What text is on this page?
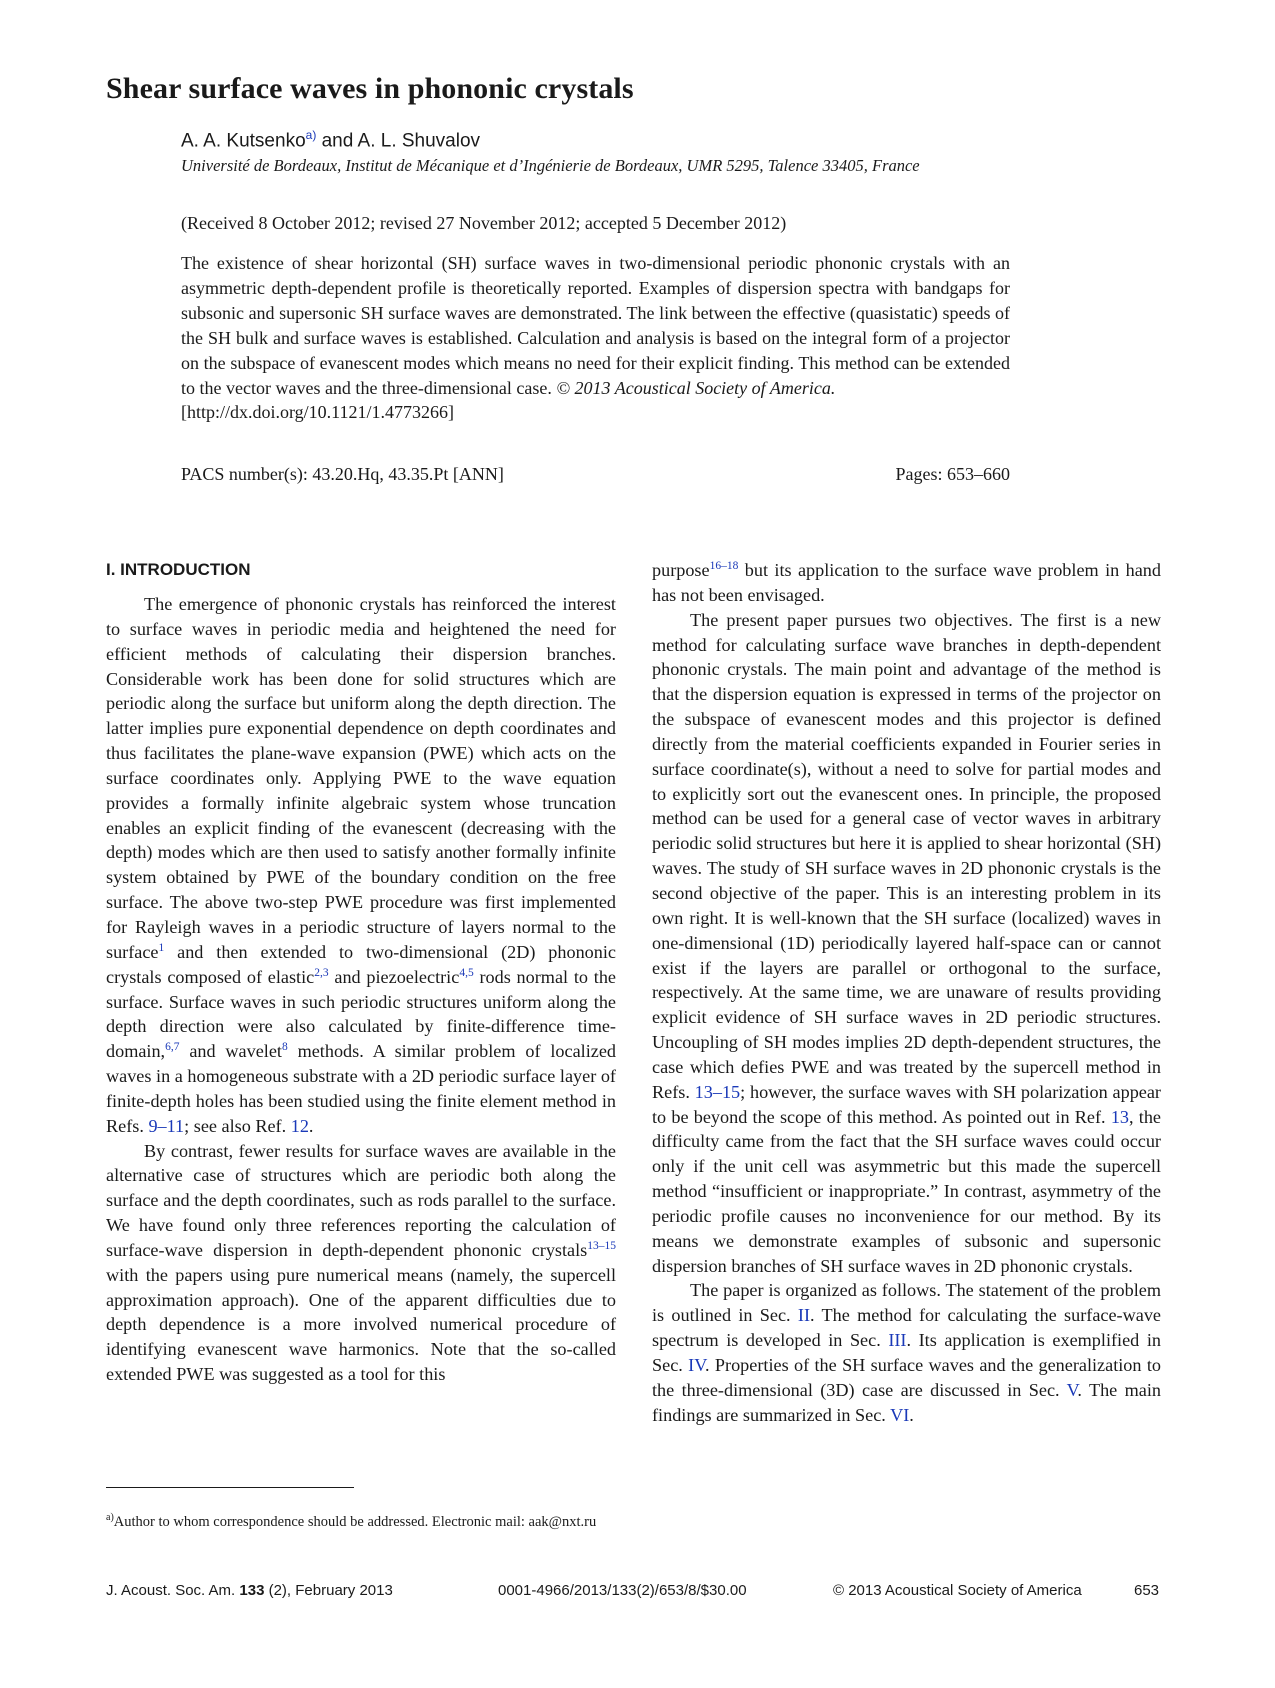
Shear surface waves in phononic crystals
A. A. Kutsenko$^{a)}$ and A. L. Shuvalov
Université de Bordeaux, Institut de Mécanique et d’Ingénierie de Bordeaux, UMR 5295, Talence 33405, France
(Received 8 October 2012; revised 27 November 2012; accepted 5 December 2012)

The existence of shear horizontal (SH) surface waves in two-dimensional periodic phononic crystals with an asymmetric depth-dependent profile is theoretically reported. Examples of dispersion spectra with bandgaps for subsonic and supersonic SH surface waves are demonstrated. The link between the effective (quasistatic) speeds of the SH bulk and surface waves is established. Calculation and analysis is based on the integral form of a projector on the subspace of evanescent modes which means no need for their explicit finding. This method can be extended to the vector waves and the three-dimensional case. © 2013 Acoustical Society of America.
[http://dx.doi.org/10.1121/1.4773266]

PACS number(s): 43.20.Hq, 43.35.Pt [ANN]	Pages: 653–660
I. INTRODUCTION

The emergence of phononic crystals has reinforced the interest to surface waves in periodic media and heightened the need for efficient methods of calculating their dispersion branches. Considerable work has been done for solid structures which are periodic along the surface but uniform along the depth direction. The latter implies pure exponential dependence on depth coordinates and thus facilitates the plane-wave expansion (PWE) which acts on the surface coordinates only. Applying PWE to the wave equation provides a formally infinite algebraic system whose truncation enables an explicit finding of the evanescent (decreasing with the depth) modes which are then used to satisfy another formally infinite system obtained by PWE of the boundary condition on the free surface. The above two-step PWE procedure was first implemented for Rayleigh waves in a periodic structure of layers normal to the surface$^1$ and then extended to two-dimensional (2D) phononic crystals composed of elastic$^{2,3}$ and piezoelectric$^{4,5}$ rods normal to the surface. Surface waves in such periodic structures uniform along the depth direction were also calculated by finite-difference time-domain,$^{6,7}$ and wavelet$^8$ methods. A similar problem of localized waves in a homogeneous substrate with a 2D periodic surface layer of finite-depth holes has been studied using the finite element method in Refs. 9–11; see also Ref. 12.

By contrast, fewer results for surface waves are available in the alternative case of structures which are periodic both along the surface and the depth coordinates, such as rods parallel to the surface. We have found only three references reporting the calculation of surface-wave dispersion in depth-dependent phononic crystals$^{13-15}$ with the papers using pure numerical means (namely, the supercell approximation approach). One of the apparent difficulties due to depth dependence is a more involved numerical procedure of identifying evanescent wave harmonics. Note that the so-called extended PWE was suggested as a tool for this

purpose$^{16-18}$ but its application to the surface wave problem in hand has not been envisaged.

The present paper pursues two objectives. The first is a new method for calculating surface wave branches in depth-dependent phononic crystals. The main point and advantage of the method is that the dispersion equation is expressed in terms of the projector on the subspace of evanescent modes and this projector is defined directly from the material coefficients expanded in Fourier series in surface coordinate(s), without a need to solve for partial modes and to explicitly sort out the evanescent ones. In principle, the proposed method can be used for a general case of vector waves in arbitrary periodic solid structures but here it is applied to shear horizontal (SH) waves. The study of SH surface waves in 2D phononic crystals is the second objective of the paper. This is an interesting problem in its own right. It is well-known that the SH surface (localized) waves in one-dimensional (1D) periodically layered half-space can or cannot exist if the layers are parallel or orthogonal to the surface, respectively. At the same time, we are unaware of results providing explicit evidence of SH surface waves in 2D periodic structures. Uncoupling of SH modes implies 2D depth-dependent structures, the case which defies PWE and was treated by the supercell method in Refs. 13–15; however, the surface waves with SH polarization appear to be beyond the scope of this method. As pointed out in Ref. 13, the difficulty came from the fact that the SH surface waves could occur only if the unit cell was asymmetric but this made the supercell method “insufficient or inappropriate.” In contrast, asymmetry of the periodic profile causes no inconvenience for our method. By its means we demonstrate examples of subsonic and supersonic dispersion branches of SH surface waves in 2D phononic crystals.

The paper is organized as follows. The statement of the problem is outlined in Sec. II. The method for calculating the surface-wave spectrum is developed in Sec. III. Its application is exemplified in Sec. IV. Properties of the SH surface waves and the generalization to the three-dimensional (3D) case are discussed in Sec. V. The main findings are summarized in Sec. VI.

$^{a)}$Author to whom correspondence should be addressed. Electronic mail: aak@nxt.ru
J. Acoust. Soc. Am. 133 (2), February 2013	0001-4966/2013/133(2)/653/8/$30.00	© 2013 Acoustical Society of America	653
